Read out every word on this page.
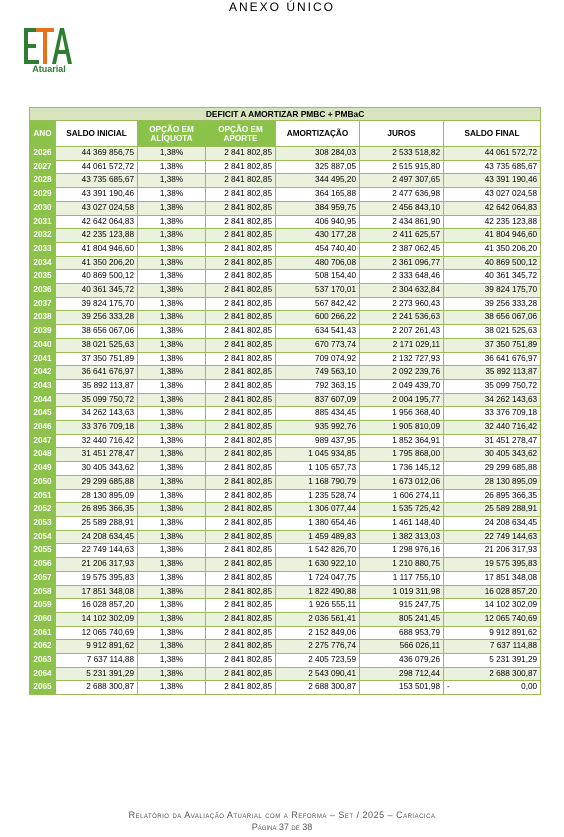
ANEXO ÚNICO
Atuarial
DEFICIT A AMORTIZAR PMBC + PMBaC						
ANO	SALDO INICIAL	OPÇÃO EM ALÍQUOTA	OPÇÃO EM APORTE	AMORTIZAÇÃO	JUROS	SALDO FINAL
2026	44 369 856,75	1,38%	2 841 802,85	308 284,03	2 533 518,82	44 061 572,72
2027	44 061 572,72	1,38%	2 841 802,85	325 887,05	2 515 915,80	43 735 685,67
2028	43 735 685,67	1,38%	2 841 802,85	344 495,20	2 497 307,65	43 391 190,46
2029	43 391 190,46	1,38%	2 841 802,85	364 165,88	2 477 636,98	43 027 024,58
2030	43 027 024,58	1,38%	2 841 802,85	384 959,75	2 456 843,10	42 642 064,83
2031	42 642 064,83	1,38%	2 841 802,85	406 940,95	2 434 861,90	42 235 123,88
2032	42 235 123,88	1,38%	2 841 802,85	430 177,28	2 411 625,57	41 804 946,60
2033	41 804 946,60	1,38%	2 841 802,85	454 740,40	2 387 062,45	41 350 206,20
2034	41 350 206,20	1,38%	2 841 802,85	480 706,08	2 361 096,77	40 869 500,12
2035	40 869 500,12	1,38%	2 841 802,85	508 154,40	2 333 648,46	40 361 345,72
2036	40 361 345,72	1,38%	2 841 802,85	537 170,01	2 304 632,84	39 824 175,70
2037	39 824 175,70	1,38%	2 841 802,85	567 842,42	2 273 960,43	39 256 333,28
2038	39 256 333,28	1,38%	2 841 802,85	600 266,22	2 241 536,63	38 656 067,06
2039	38 656 067,06	1,38%	2 841 802,85	634 541,43	2 207 261,43	38 021 525,63
2040	38 021 525,63	1,38%	2 841 802,85	670 773,74	2 171 029,11	37 350 751,89
2041	37 350 751,89	1,38%	2 841 802,85	709 074,92	2 132 727,93	36 641 676,97
2042	36 641 676,97	1,38%	2 841 802,85	749 563,10	2 092 239,76	35 892 113,87
2043	35 892 113,87	1,38%	2 841 802,85	792 363,15	2 049 439,70	35 099 750,72
2044	35 099 750,72	1,38%	2 841 802,85	837 607,09	2 004 195,77	34 262 143,63
2045	34 262 143,63	1,38%	2 841 802,85	885 434,45	1 956 368,40	33 376 709,18
2046	33 376 709,18	1,38%	2 841 802,85	935 992,76	1 905 810,09	32 440 716,42
2047	32 440 716,42	1,38%	2 841 802,85	989 437,95	1 852 364,91	31 451 278,47
2048	31 451 278,47	1,38%	2 841 802,85	1 045 934,85	1 795 868,00	30 405 343,62
2049	30 405 343,62	1,38%	2 841 802,85	1 105 657,73	1 736 145,12	29 299 685,88
2050	29 299 685,88	1,38%	2 841 802,85	1 168 790,79	1 673 012,06	28 130 895,09
2051	28 130 895,09	1,38%	2 841 802,85	1 235 528,74	1 606 274,11	26 895 366,35
2052	26 895 366,35	1,38%	2 841 802,85	1 306 077,44	1 535 725,42	25 589 288,91
2053	25 589 288,91	1,38%	2 841 802,85	1 380 654,46	1 461 148,40	24 208 634,45
2054	24 208 634,45	1,38%	2 841 802,85	1 459 489,83	1 382 313,03	22 749 144,63
2055	22 749 144,63	1,38%	2 841 802,85	1 542 826,70	1 298 976,16	21 206 317,93
2056	21 206 317,93	1,38%	2 841 802,85	1 630 922,10	1 210 880,75	19 575 395,83
2057	19 575 395,83	1,38%	2 841 802,85	1 724 047,75	1 117 755,10	17 851 348,08
2058	17 851 348,08	1,38%	2 841 802,85	1 822 490,88	1 019 311,98	16 028 857,20
2059	16 028 857,20	1,38%	2 841 802,85	1 926 555,11	915 247,75	14 102 302,09
2060	14 102 302,09	1,38%	2 841 802,85	2 036 561,41	805 241,45	12 065 740,69
2061	12 065 740,69	1,38%	2 841 802,85	2 152 849,06	688 953,79	9 912 891,62
2062	9 912 891,62	1,38%	2 841 802,85	2 275 776,74	566 026,11	7 637 114,88
2063	7 637 114,88	1,38%	2 841 802,85	2 405 723,59	436 079,26	5 231 391,29
2064	5 231 391,29	1,38%	2 841 802,85	2 543 090,41	298 712,44	2 688 300,87
2065	2 688 300,87	1,38%	2 841 802,85	2 688 300,87	153 501,98	- 0,00
Relatório da Avaliação Atuarial com a Reforma – Set / 2025 – Cariacica
Página 37 de 38
